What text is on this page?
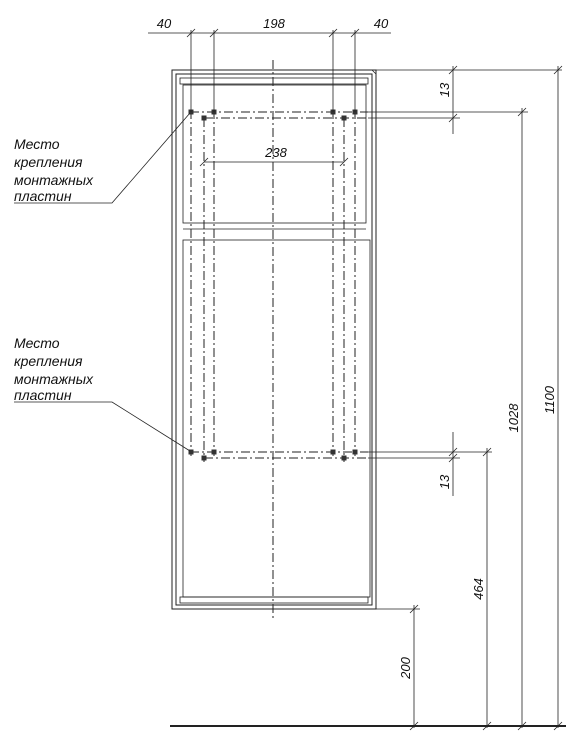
40	198	40
238
13
13
464
1028
1100
200
Место
крепления
монтажных
пластин
Место
крепления
монтажных
пластин
